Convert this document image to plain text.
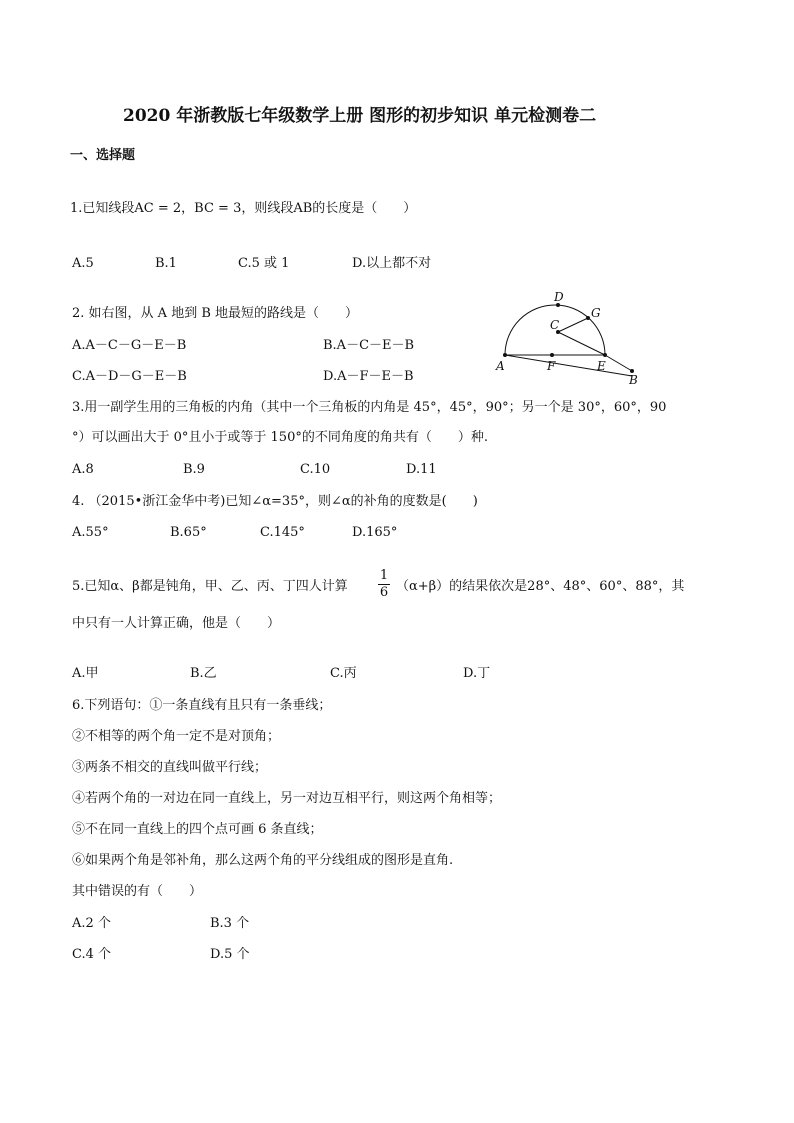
2020 年浙教版七年级数学上册 图形的初步知识 单元检测卷二
一、选择题
1.已知线段AC = 2，BC = 3，则线段AB的长度是（　　）
A.5	B.1	C.5 或 1	D.以上都不对
2. 如右图，从 A 地到 B 地最短的路线是（　　）
A.A－C－G－E－B	B.A－C－E－B
C.A－D－G－E－B	D.A－F－E－B
D
G
C
A	F	E
B
3.用一副学生用的三角板的内角（其中一个三角板的内角是 45°，45°，90°；另一个是 30°，60°，90
°）可以画出大于 0°且小于或等于 150°的不同角度的角共有（　　）种.
A.8	B.9	C.10	D.11
4. （2015•浙江金华中考)已知∠α=35°，则∠α的补角的度数是(　　)
A.55°	B.65°	C.145°	D.165°
5.已知α、β都是钝角，甲、乙、丙、丁四人计算
1
6 （α+β）的结果依次是28°、48°、60°、88°，其
中只有一人计算正确，他是（　　）
A.甲	B.乙	C.丙	D.丁
6.下列语句：①一条直线有且只有一条垂线；
②不相等的两个角一定不是对顶角；
③两条不相交的直线叫做平行线；
④若两个角的一对边在同一直线上，另一对边互相平行，则这两个角相等；
⑤不在同一直线上的四个点可画 6 条直线；
⑥如果两个角是邻补角，那么这两个角的平分线组成的图形是直角.
其中错误的有（　　）
A.2 个	B.3 个
C.4 个	D.5 个
